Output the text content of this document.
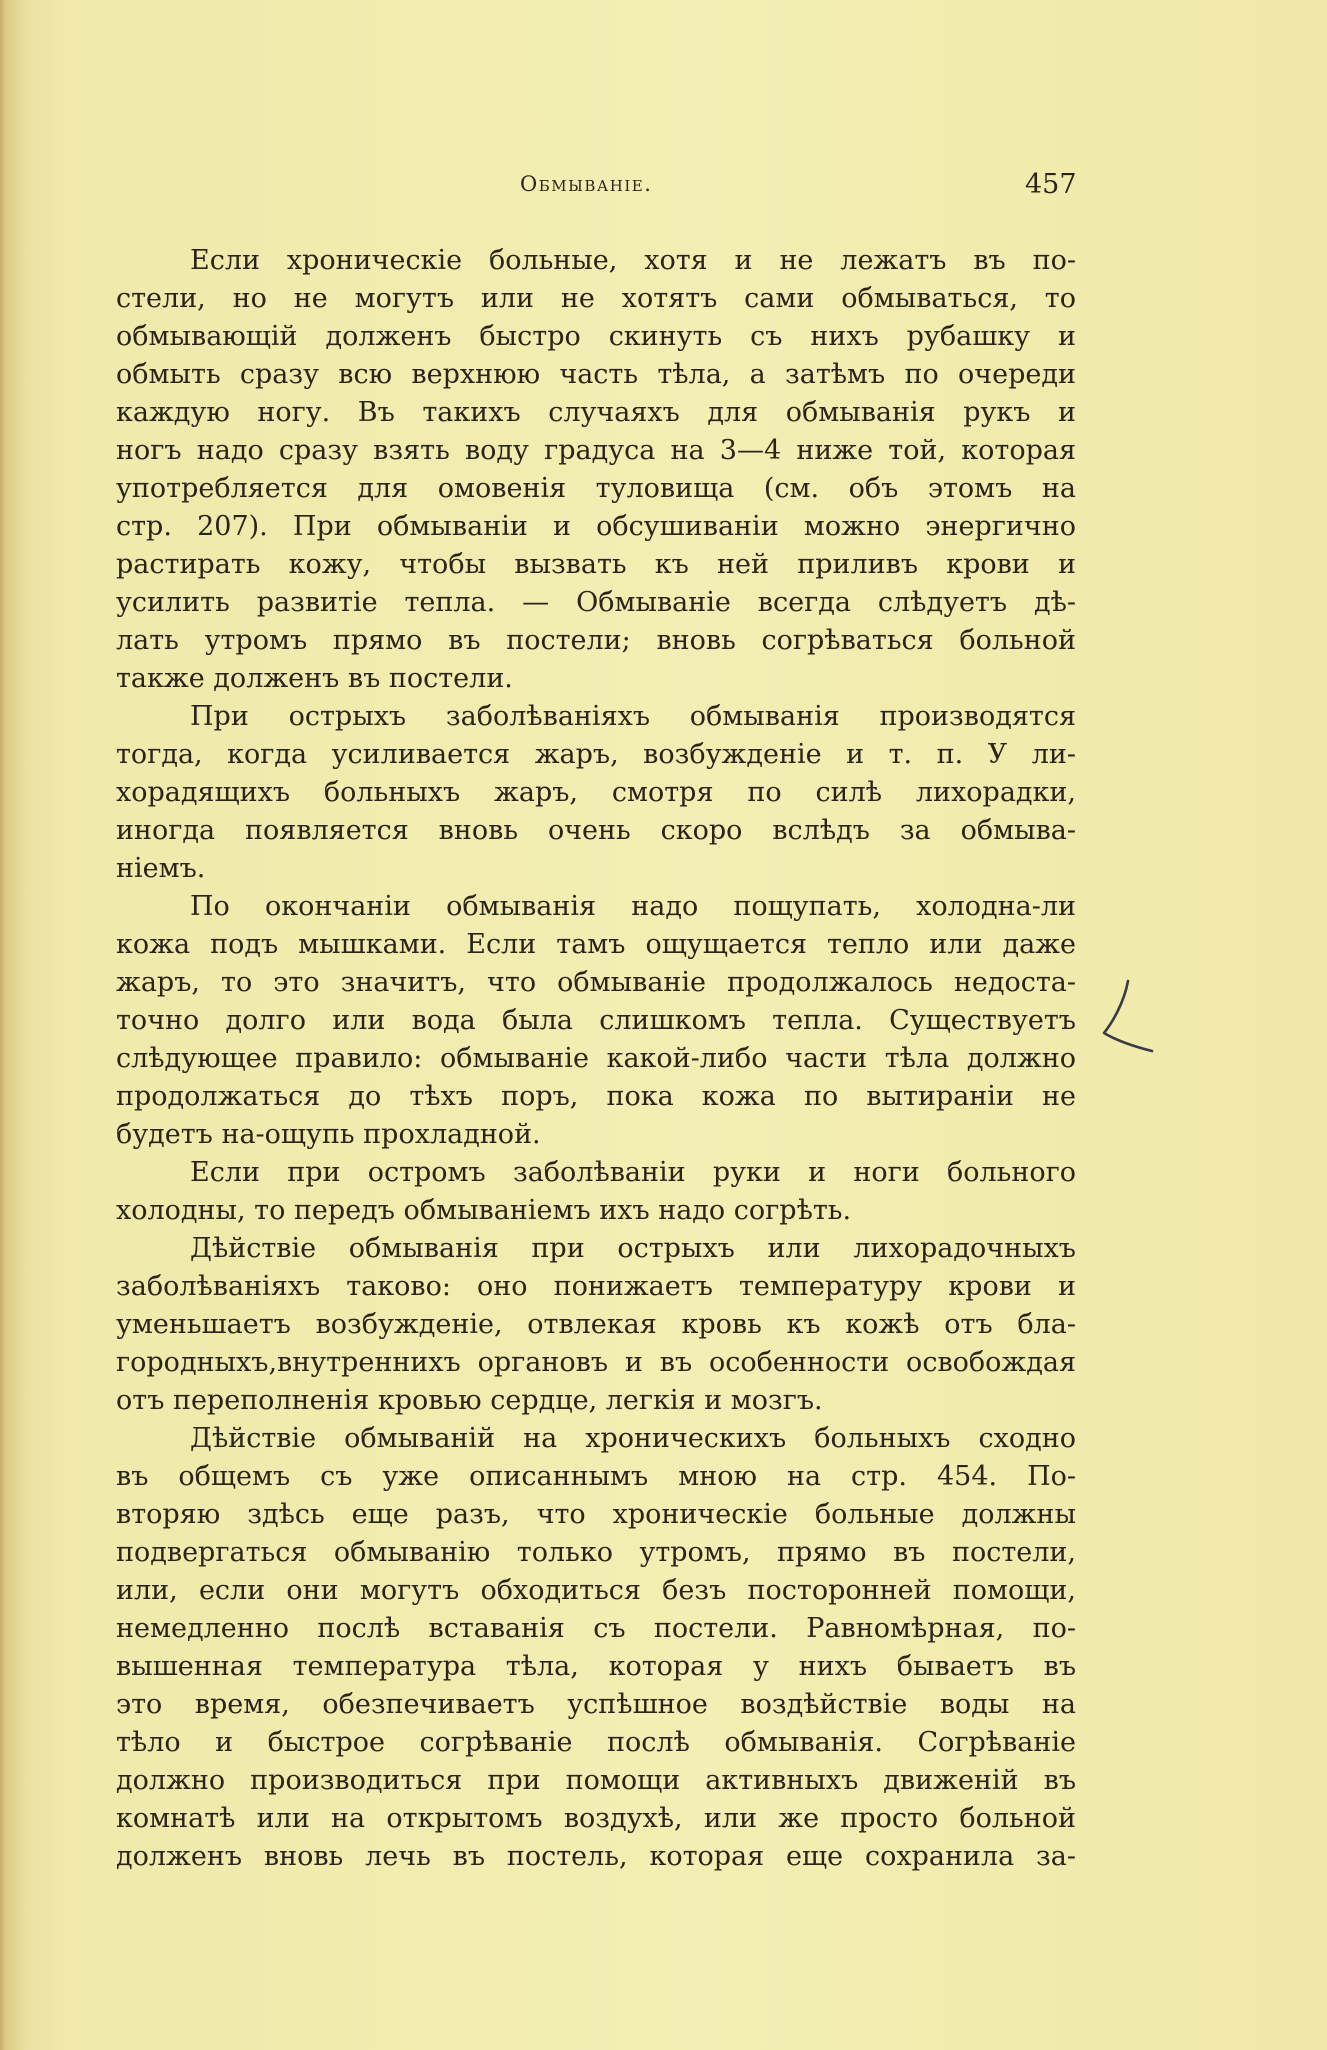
Обмываніе.	457
Если хроническіе больные, хотя и не лежатъ въ по-
стели, но не могутъ или не хотятъ сами обмываться, то
обмывающій долженъ быстро скинуть съ нихъ рубашку и
обмыть сразу всю верхнюю часть тѣла, а затѣмъ по очереди
каждую ногу. Въ такихъ случаяхъ для обмыванія рукъ и
ногъ надо сразу взять воду градуса на 3—4 ниже той, которая
употребляется для омовенія туловища (см. объ этомъ на
стр. 207). При обмываніи и обсушиваніи можно энергично
растирать кожу, чтобы вызвать къ ней приливъ крови и
усилить развитіе тепла. — Обмываніе всегда слѣдуетъ дѣ-
лать утромъ прямо въ постели; вновь согрѣваться больной
также долженъ въ постели.
При острыхъ заболѣваніяхъ обмыванія производятся
тогда, когда усиливается жаръ, возбужденіе и т. п. У ли-
хорадящихъ больныхъ жаръ, смотря по силѣ лихорадки,
иногда появляется вновь очень скоро вслѣдъ за обмыва-
ніемъ.
По окончаніи обмыванія надо пощупать, холодна-ли
кожа подъ мышками. Если тамъ ощущается тепло или даже
жаръ, то это значитъ, что обмываніе продолжалось недоста-
точно долго или вода была слишкомъ тепла. Существуетъ
слѣдующее правило: обмываніе какой-либо части тѣла должно
продолжаться до тѣхъ поръ, пока кожа по вытираніи не
будетъ на-ощупь прохладной.
Если при остромъ заболѣваніи руки и ноги больного
холодны, то передъ обмываніемъ ихъ надо согрѣть.
Дѣйствіе обмыванія при острыхъ или лихорадочныхъ
заболѣваніяхъ таково: оно понижаетъ температуру крови и
уменьшаетъ возбужденіе, отвлекая кровь къ кожѣ отъ бла-
городныхъ,внутреннихъ органовъ и въ особенности освобождая
отъ переполненія кровью сердце, легкія и мозгъ.
Дѣйствіе обмываній на хроническихъ больныхъ сходно
въ общемъ съ уже описаннымъ мною на стр. 454. По-
вторяю здѣсь еще разъ, что хроническіе больные должны
подвергаться обмыванію только утромъ, прямо въ постели,
или, если они могутъ обходиться безъ посторонней помощи,
немедленно послѣ вставанія съ постели. Равномѣрная, по-
вышенная температура тѣла, которая у нихъ бываетъ въ
это время, обезпечиваетъ успѣшное воздѣйствіе воды на
тѣло и быстрое согрѣваніе послѣ обмыванія. Согрѣваніе
должно производиться при помощи активныхъ движеній въ
комнатѣ или на открытомъ воздухѣ, или же просто больной
долженъ вновь лечь въ постель, которая еще сохранила за-
